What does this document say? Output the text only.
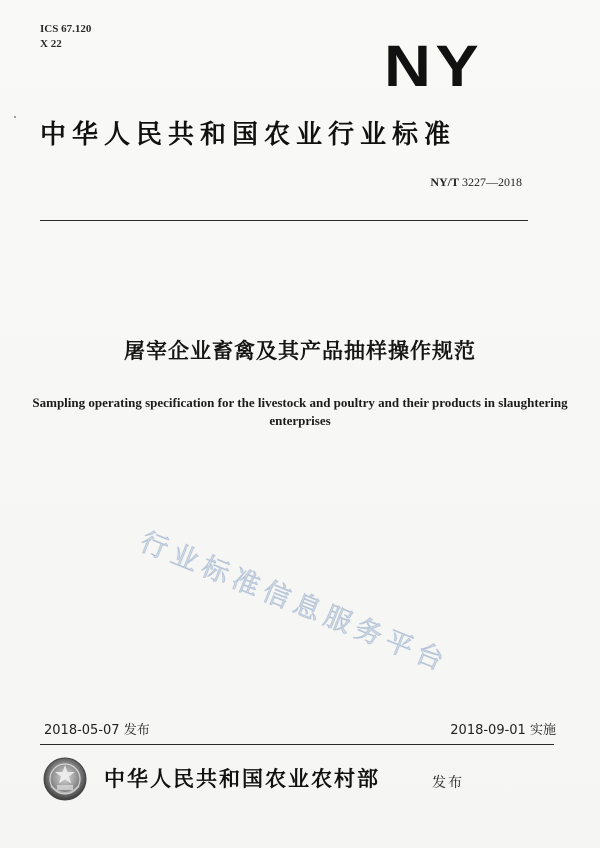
ICS 67.120
X 22	NY
中华人民共和国农业行业标准
NY/T 3227—2018
屠宰企业畜禽及其产品抽样操作规范
Sampling operating specification for the livestock and poultry and their products in slaughtering enterprises
行业标准信息服务平台
2018-05-07 发布	2018-09-01 实施
中华人民共和国农业农村部	发布
